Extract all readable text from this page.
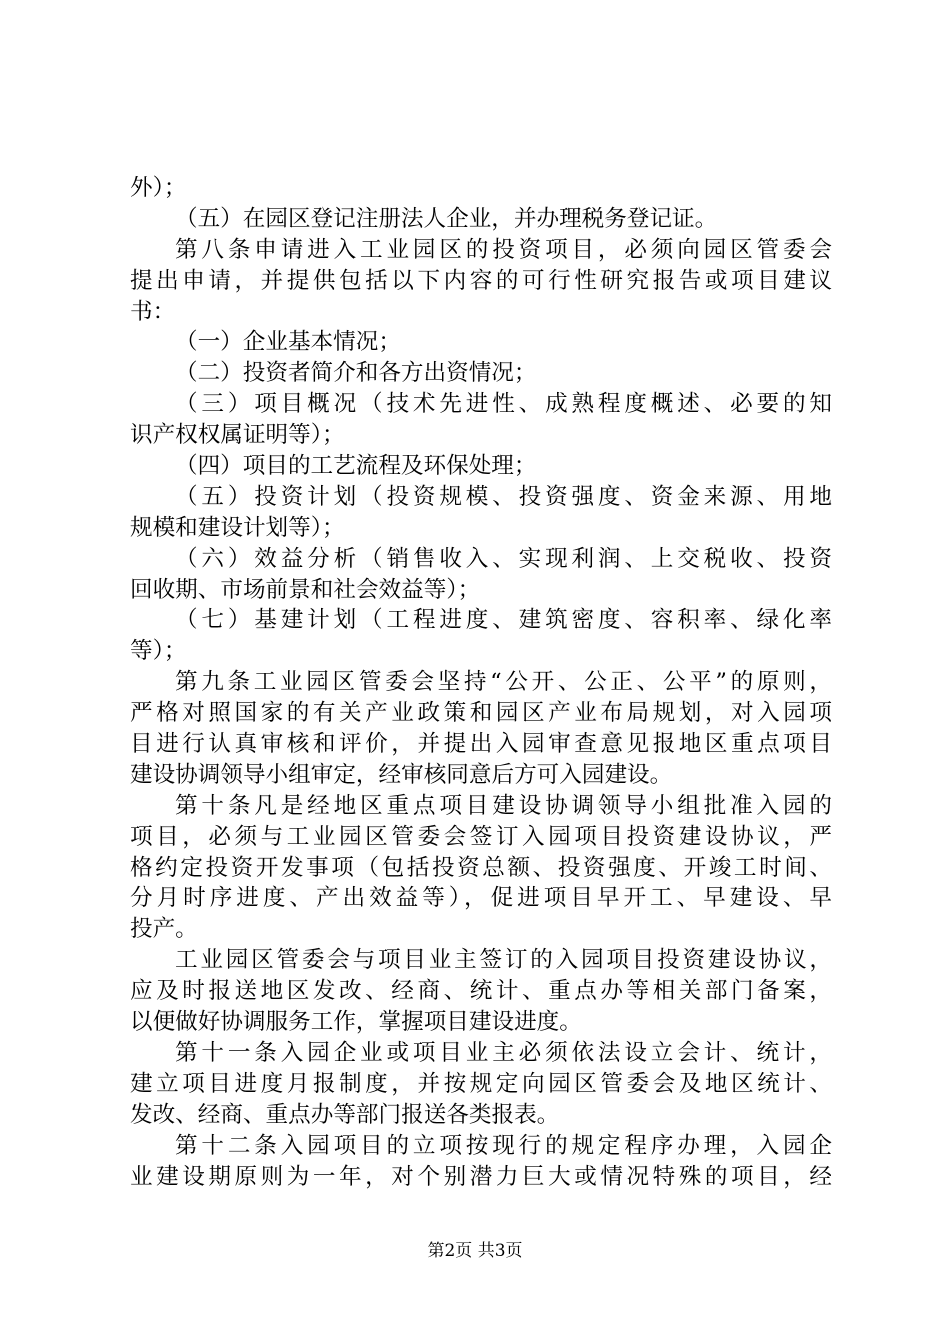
外）；
（五）在园区登记注册法人企业，并办理税务登记证。
第八条申请进入工业园区的投资项目，必须向园区管委会
提出申请，并提供包括以下内容的可行性研究报告或项目建议
书：
（一）企业基本情况；
（二）投资者简介和各方出资情况；
（三）项目概况（技术先进性、成熟程度概述、必要的知
识产权权属证明等）；
（四）项目的工艺流程及环保处理；
（五）投资计划（投资规模、投资强度、资金来源、用地
规模和建设计划等）；
（六）效益分析（销售收入、实现利润、上交税收、投资
回收期、市场前景和社会效益等）；
（七）基建计划（工程进度、建筑密度、容积率、绿化率
等）；
第九条工业园区管委会坚持“公开、公正、公平”的原则，
严格对照国家的有关产业政策和园区产业布局规划，对入园项
目进行认真审核和评价，并提出入园审查意见报地区重点项目
建设协调领导小组审定，经审核同意后方可入园建设。
第十条凡是经地区重点项目建设协调领导小组批准入园的
项目，必须与工业园区管委会签订入园项目投资建设协议，严
格约定投资开发事项（包括投资总额、投资强度、开竣工时间、
分月时序进度、产出效益等），促进项目早开工、早建设、早
投产。
工业园区管委会与项目业主签订的入园项目投资建设协议，
应及时报送地区发改、经商、统计、重点办等相关部门备案，
以便做好协调服务工作，掌握项目建设进度。
第十一条入园企业或项目业主必须依法设立会计、统计，
建立项目进度月报制度，并按规定向园区管委会及地区统计、
发改、经商、重点办等部门报送各类报表。
第十二条入园项目的立项按现行的规定程序办理，入园企
业建设期原则为一年，对个别潜力巨大或情况特殊的项目，经
第2页 共3页
